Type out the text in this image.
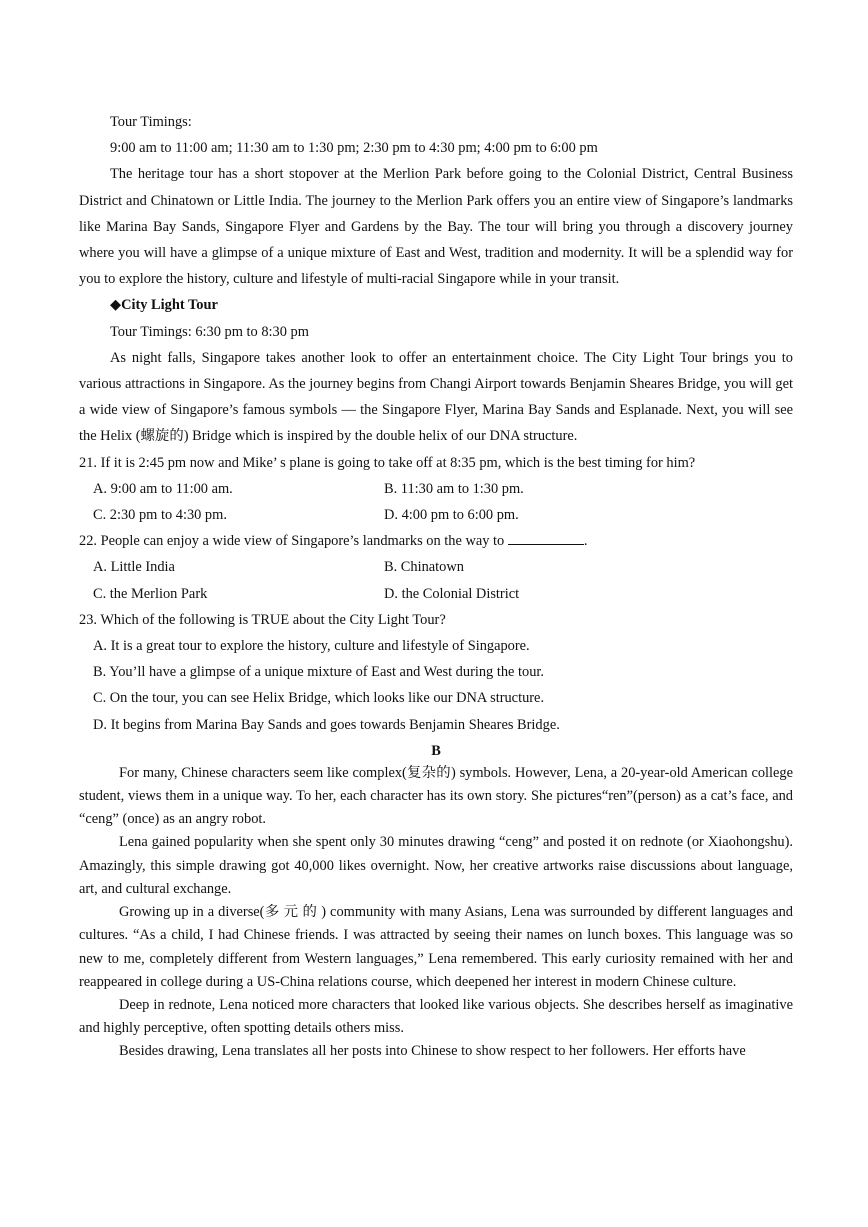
Tour Timings:
9:00 am to 11:00 am; 11:30 am to 1:30 pm; 2:30 pm to 4:30 pm; 4:00 pm to 6:00 pm
The heritage tour has a short stopover at the Merlion Park before going to the Colonial District, Central Business District and Chinatown or Little India. The journey to the Merlion Park offers you an entire view of Singapore’s landmarks like Marina Bay Sands, Singapore Flyer and Gardens by the Bay. The tour will bring you through a discovery journey where you will have a glimpse of a unique mixture of East and West, tradition and modernity. It will be a splendid way for you to explore the history, culture and lifestyle of multi-racial Singapore while in your transit.
◆City Light Tour
Tour Timings: 6:30 pm to 8:30 pm
As night falls, Singapore takes another look to offer an entertainment choice. The City Light Tour brings you to various attractions in Singapore. As the journey begins from Changi Airport towards Benjamin Sheares Bridge, you will get a wide view of Singapore’s famous symbols — the Singapore Flyer, Marina Bay Sands and Esplanade. Next, you will see the Helix (螺旋的) Bridge which is inspired by the double helix of our DNA structure.
21. If it is 2:45 pm now and Mike’ s plane is going to take off at 8:35 pm, which is the best timing for him?
A. 9:00 am to 11:00 am.	B. 11:30 am to 1:30 pm.
C. 2:30 pm to 4:30 pm.	D. 4:00 pm to 6:00 pm.
22. People can enjoy a wide view of Singapore’s landmarks on the way to	.
A. Little India	B. Chinatown
C. the Merlion Park	D. the Colonial District
23. Which of the following is TRUE about the City Light Tour?
A. It is a great tour to explore the history, culture and lifestyle of Singapore.
B. You’ll have a glimpse of a unique mixture of East and West during the tour.
C. On the tour, you can see Helix Bridge, which looks like our DNA structure.
D. It begins from Marina Bay Sands and goes towards Benjamin Sheares Bridge.
B
For many, Chinese characters seem like complex(复杂的) symbols. However, Lena, a 20-year-old American college student, views them in a unique way. To her, each character has its own story. She pictures“ren”(person) as a cat’s face, and “ceng” (once) as an angry robot.
Lena gained popularity when she spent only 30 minutes drawing “ceng” and posted it on rednote (or Xiaohongshu). Amazingly, this simple drawing got 40,000 likes overnight. Now, her creative artworks raise discussions about language, art, and cultural exchange.
Growing up in a diverse(多元的) community with many Asians, Lena was surrounded by different languages and cultures. “As a child, I had Chinese friends. I was attracted by seeing their names on lunch boxes. This language was so new to me, completely different from Western languages,” Lena remembered. This early curiosity remained with her and reappeared in college during a US-China relations course, which deepened her interest in modern Chinese culture.
Deep in rednote, Lena noticed more characters that looked like various objects. She describes herself as imaginative and highly perceptive, often spotting details others miss.
Besides drawing, Lena translates all her posts into Chinese to show respect to her followers. Her efforts have
